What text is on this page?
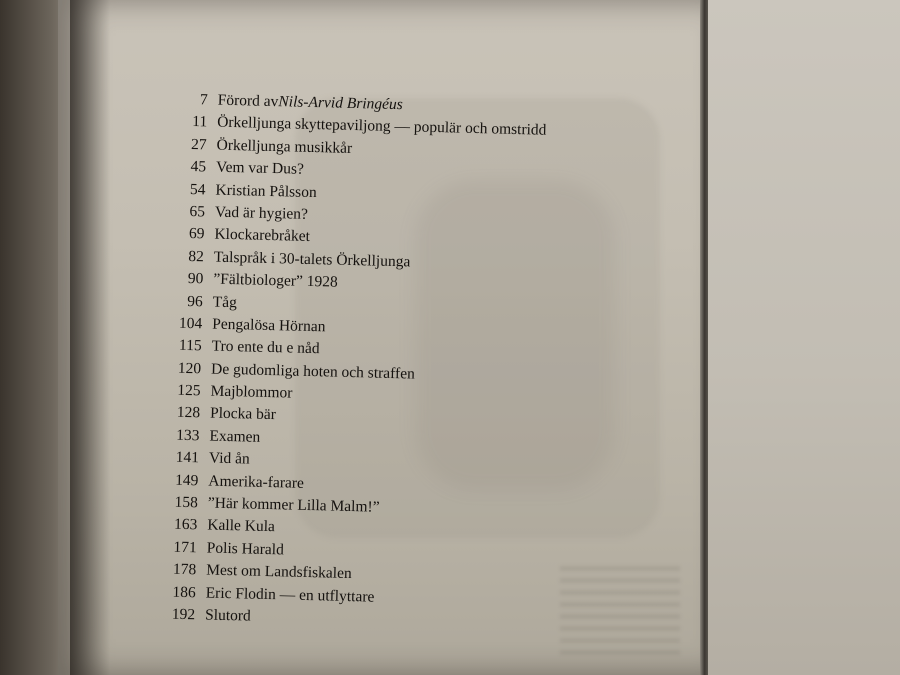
7 Förord av Nils-Arvid Bringéus
11 Örkelljunga skyttepaviljong — populär och omstridd
27 Örkelljunga musikkår
45 Vem var Dus?
54 Kristian Pålsson
65 Vad är hygien?
69 Klockarebråket
82 Talspråk i 30-talets Örkelljunga
90 ”Fältbiologer” 1928
96 Tåg
104 Pengalösa Hörnan
115 Tro ente du e nåd
120 De gudomliga hoten och straffen
125 Majblommor
128 Plocka bär
133 Examen
141 Vid ån
149 Amerika-farare
158 ”Här kommer Lilla Malm!”
163 Kalle Kula
171 Polis Harald
178 Mest om Landsfiskalen
186 Eric Flodin — en utflyttare
192 Slutord
